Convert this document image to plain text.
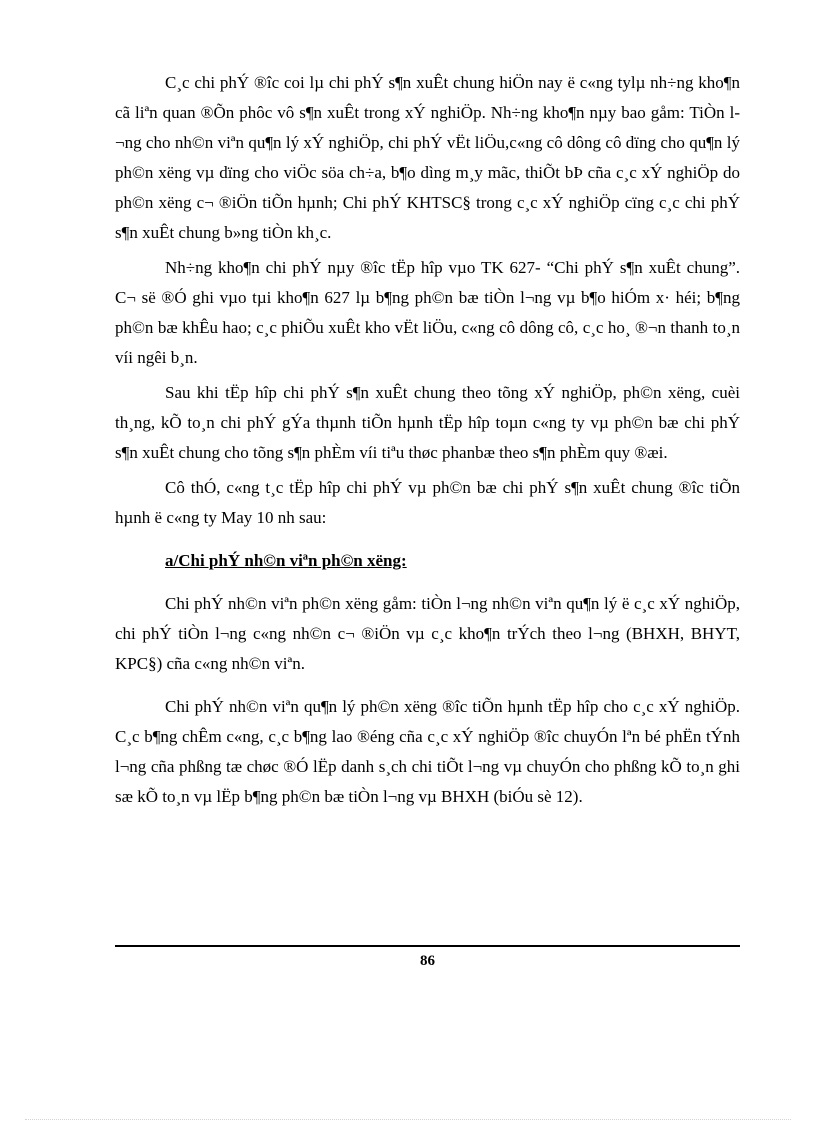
C¸c chi phÝ ®îc coi lµ chi phÝ s¶n xuÊt chung hiÖn nay ë c«ng tylµ nh÷ng kho¶n cã liªn quan ®Õn phôc vô s¶n xuÊt trong xÝ nghiÖp. Nh÷ng kho¶n nµy bao gåm: TiÒn l¬ng cho nh©n viªn qu¶n lý xÝ nghiÖp, chi phÝ vËt liÖu,c«ng cô dông cô dïng cho qu¶n lý ph©n xëng vµ dïng cho viÖc söa ch÷a, b¶o dìng m¸y mãc, thiÕt bÞ cña c¸c xÝ nghiÖp do ph©n xëng c¬ ®iÖn tiÕn hµnh; Chi phÝ KHTSC§ trong c¸c xÝ nghiÖp cïng c¸c chi phÝ s¶n xuÊt chung b»ng tiÒn kh¸c.

Nh÷ng kho¶n chi phÝ nµy ®îc tËp hîp vµo TK 627- “Chi phÝ s¶n xuÊt chung”. C¬ së ®Ó ghi vµo tµi kho¶n 627 lµ b¶ng ph©n bæ tiÒn l¬ng vµ b¶o hiÓm x· héi; b¶ng ph©n bæ khÊu hao; c¸c phiÕu xuÊt kho vËt liÖu, c«ng cô dông cô, c¸c ho¸ ®¬n thanh to¸n víi ngêi b¸n.

Sau khi tËp hîp chi phÝ s¶n xuÊt chung theo tõng xÝ nghiÖp, ph©n xëng, cuèi th¸ng, kÕ to¸n chi phÝ gÝa thµnh tiÕn hµnh tËp hîp toµn c«ng ty vµ ph©n bæ chi phÝ s¶n xuÊt chung cho tõng s¶n phÈm víi tiªu thøc phanbæ theo s¶n phÈm quy ®æi.

Cô thÓ, c«ng t¸c tËp hîp chi phÝ vµ ph©n bæ chi phÝ s¶n xuÊt chung ®îc tiÕn hµnh ë c«ng ty May 10 nh sau:

a/Chi phÝ nh©n viªn ph©n xëng:

Chi phÝ nh©n viªn ph©n xëng gåm: tiÒn l¬ng nh©n viªn qu¶n lý ë c¸c xÝ nghiÖp, chi phÝ tiÒn l¬ng c«ng nh©n c¬ ®iÖn vµ c¸c kho¶n trÝch theo l¬ng (BHXH, BHYT, KPC§) cña c«ng nh©n viªn.

Chi phÝ nh©n viªn qu¶n lý ph©n xëng ®îc tiÕn hµnh tËp hîp cho c¸c xÝ nghiÖp. C¸c b¶ng chÊm c«ng, c¸c b¶ng lao ®éng cña c¸c xÝ nghiÖp ®îc chuyÓn lªn bé phËn tÝnh l¬ng cña phßng tæ chøc ®Ó lËp danh s¸ch chi tiÕt l¬ng vµ chuyÓn cho phßng kÕ to¸n ghi sæ kÕ to¸n vµ lËp b¶ng ph©n bæ tiÒn l¬ng vµ BHXH (biÓu sè 12).

86
